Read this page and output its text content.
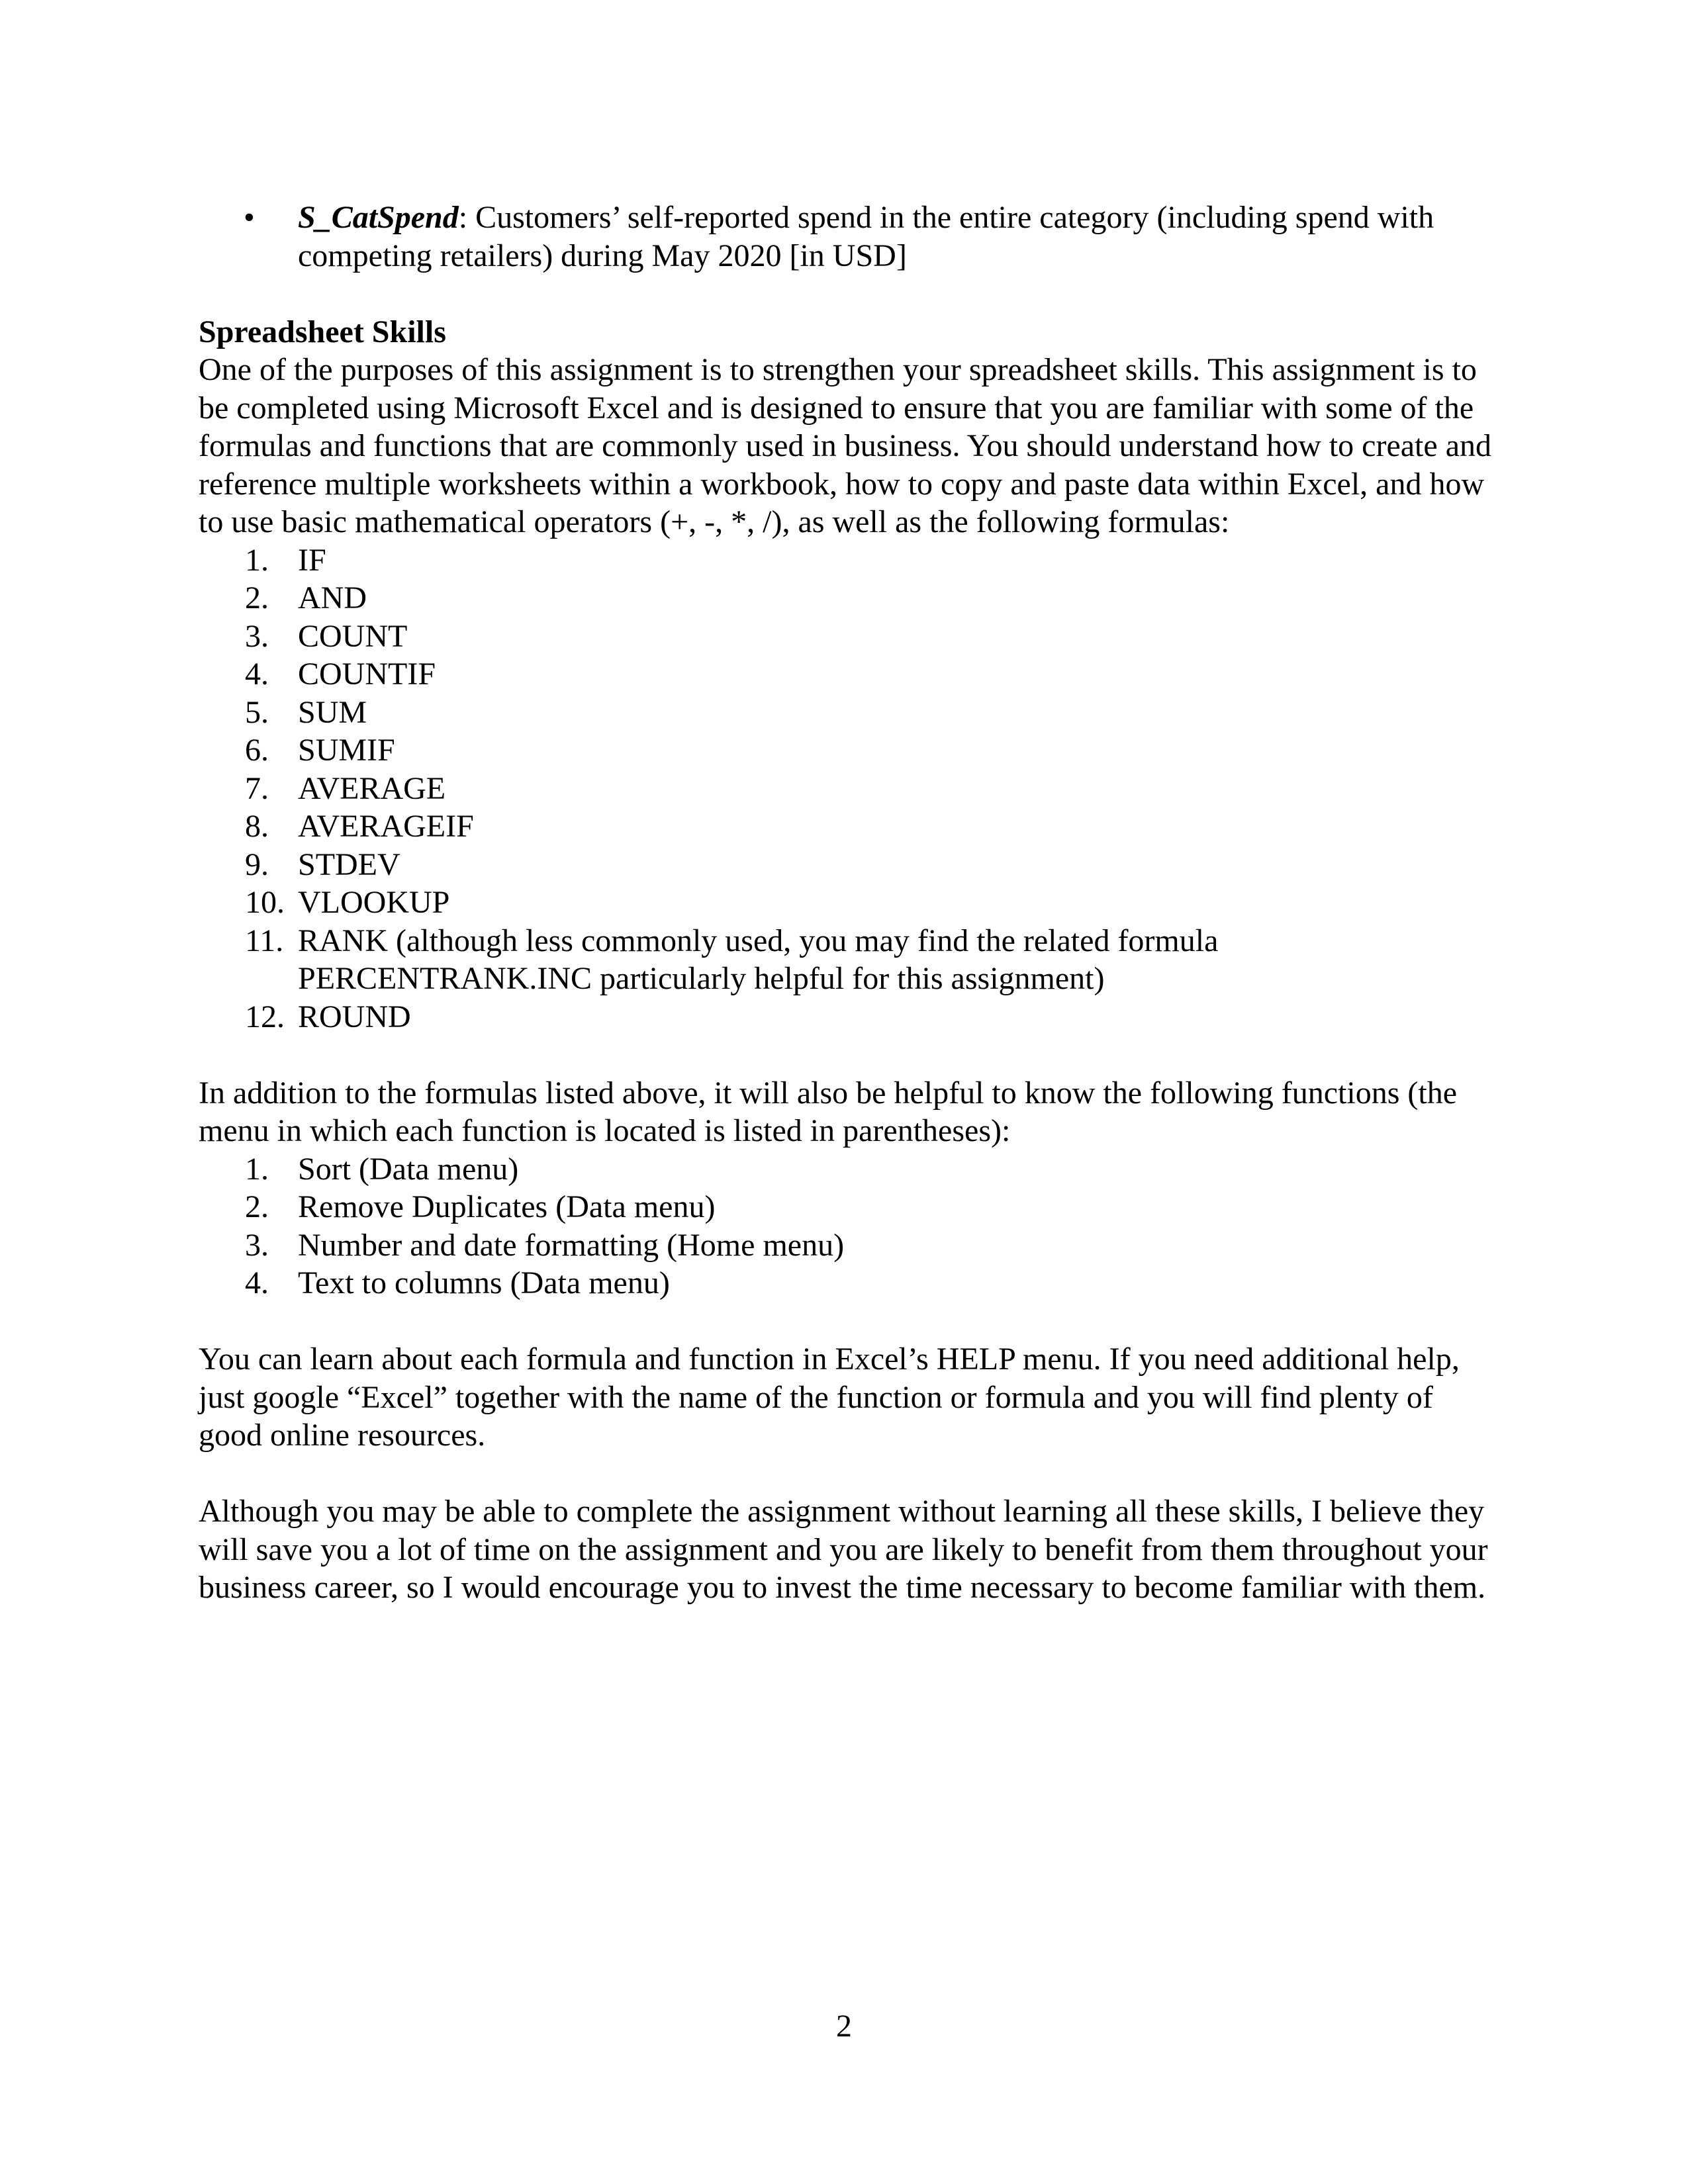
• S_CatSpend: Customers’ self-reported spend in the entire category (including spend with competing retailers) during May 2020 [in USD]

Spreadsheet Skills

One of the purposes of this assignment is to strengthen your spreadsheet skills. This assignment is to be completed using Microsoft Excel and is designed to ensure that you are familiar with some of the formulas and functions that are commonly used in business. You should understand how to create and reference multiple worksheets within a workbook, how to copy and paste data within Excel, and how to use basic mathematical operators (+, -, *, /), as well as the following formulas:

1. IF
2. AND
3. COUNT
4. COUNTIF
5. SUM
6. SUMIF
7. AVERAGE
8. AVERAGEIF
9. STDEV
10. VLOOKUP
11. RANK (although less commonly used, you may find the related formula PERCENTRANK.INC particularly helpful for this assignment)
12. ROUND

In addition to the formulas listed above, it will also be helpful to know the following functions (the menu in which each function is located is listed in parentheses):

1. Sort (Data menu)
2. Remove Duplicates (Data menu)
3. Number and date formatting (Home menu)
4. Text to columns (Data menu)

You can learn about each formula and function in Excel’s HELP menu. If you need additional help, just google “Excel” together with the name of the function or formula and you will find plenty of good online resources.

Although you may be able to complete the assignment without learning all these skills, I believe they will save you a lot of time on the assignment and you are likely to benefit from them throughout your business career, so I would encourage you to invest the time necessary to become familiar with them.

2
